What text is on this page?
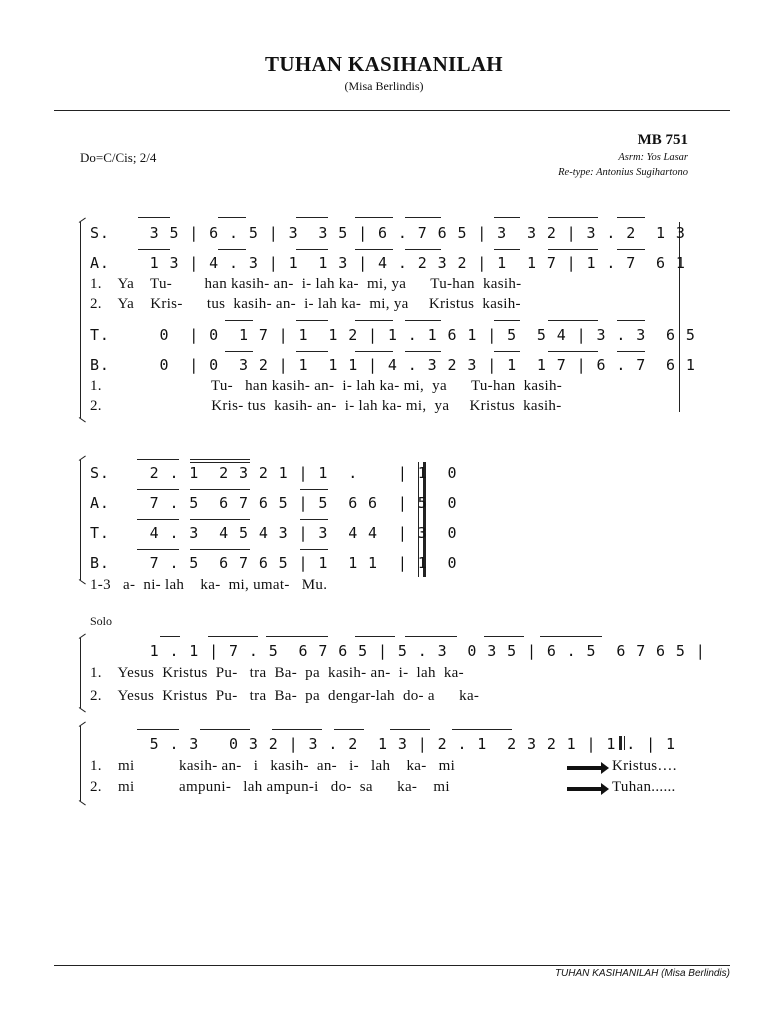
TUHAN KASIHANILAH
(Misa Berlindis)
Do=C/Cis; 2/4
MB 751
Asrm: Yos Lasar
Re-type: Antonius Sugihartono
S.    3 5 | 6 . 5 | 3  3 5 | 6 . 7 6 5 | 3  3 2 | 3 . 2  1 3
A.    1 3 | 4 . 3 | 1  1 3 | 4 . 2 3 2 | 1  1 7 | 1 . 7  6 1
1.    Ya    Tu-        han kasih- an-  i- lah ka-  mi, ya      Tu-han  kasih-
2.    Ya    Kris-      tus  kasih- an-  i- lah ka-  mi, ya     Kristus  kasih-
T.     0  | 0  1 7 | 1  1 2 | 1 . 1 6 1 | 5  5 4 | 3 . 3  6 5
B.     0  | 0  3 2 | 1  1 1 | 4 . 3 2 3 | 1  1 7 | 6 . 7  6 1
1.                           Tu-   han kasih- an-  i- lah ka- mi,  ya      Tu-han  kasih-
2.                           Kris- tus  kasih- an-  i- lah ka- mi,  ya     Kristus  kasih-
S.    2 . 1  2 3 2 1 | 1  .    | 1  0
A.    7 . 5  6 7 6 5 | 5  6 6  | 5  0
T.    4 . 3  4 5 4 3 | 3  4 4  | 3  0
B.    7 . 5  6 7 6 5 | 1  1 1  | 1  0
1-3   a-  ni- lah    ka-  mi, umat-   Mu.
Solo
1 . 1 | 7 . 5  6 7 6 5 | 5 . 3  0 3 5 | 6 . 5  6 7 6 5 |
1.    Yesus  Kristus  Pu-   tra  Ba-  pa  kasih- an-  i-  lah  ka-
2.    Yesus  Kristus  Pu-   tra  Ba-  pa  dengar-lah  do- a      ka-
5 . 3   0 3 2 | 3 . 2  1 3 | 2 . 1  2 3 2 1 | 1 . | 1
1.    mi           kasih- an-   i   kasih-  an-   i-   lah    ka-   mi	Kristus….
2.    mi           ampuni-   lah ampun-i   do-  sa      ka-    mi	Tuhan......
TUHAN KASIHANILAH (Misa Berlindis)
